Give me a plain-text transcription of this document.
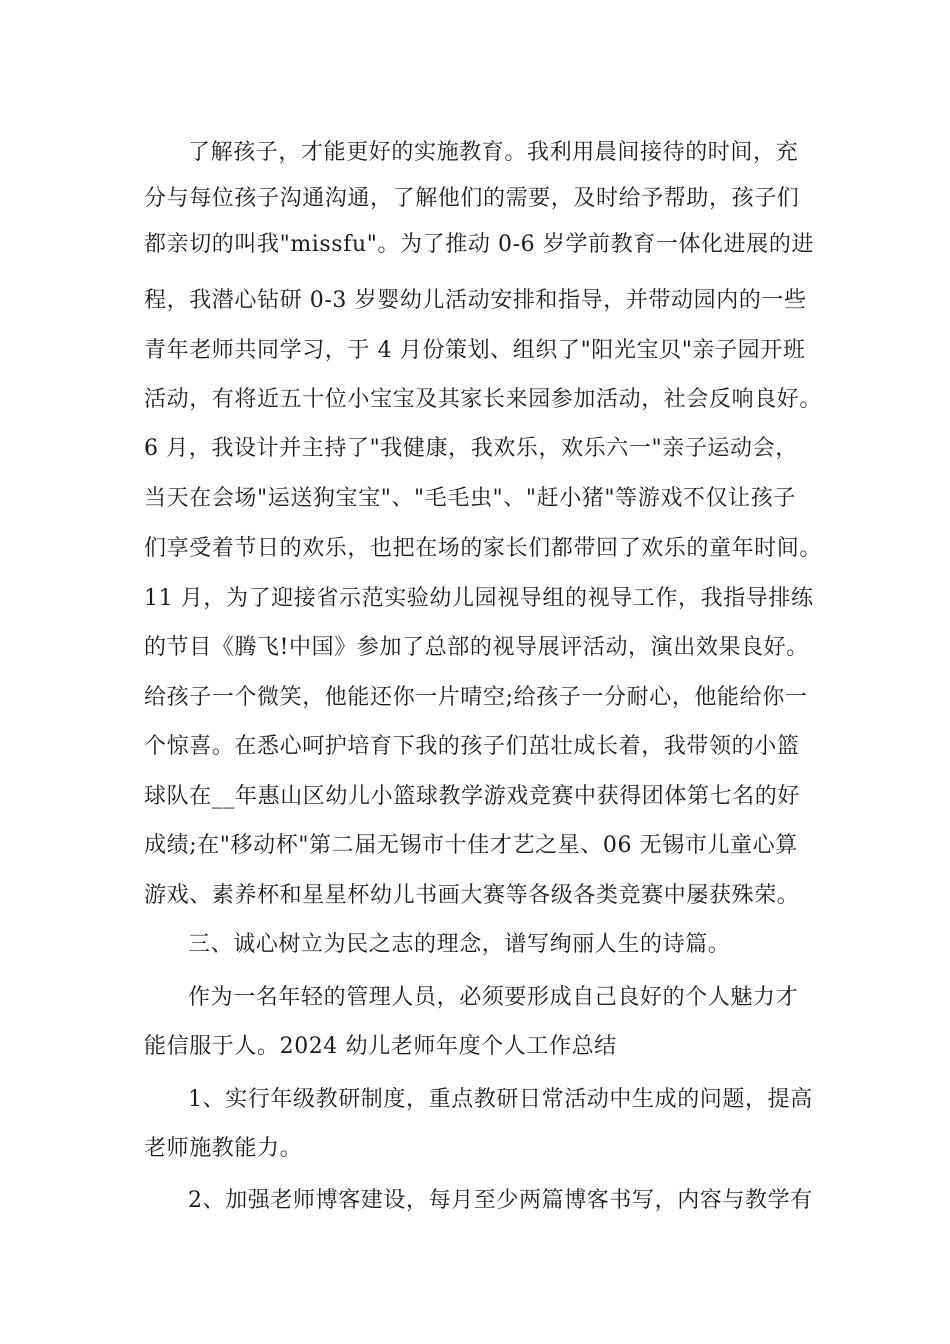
了解孩子，才能更好的实施教育。我利用晨间接待的时间，充
分与每位孩子沟通沟通，了解他们的需要，及时给予帮助，孩子们
都亲切的叫我"missfu"。为了推动 0-6 岁学前教育一体化进展的进
程，我潜心钻研 0-3 岁婴幼儿活动安排和指导，并带动园内的一些
青年老师共同学习，于 4 月份策划、组织了"阳光宝贝"亲子园开班
活动，有将近五十位小宝宝及其家长来园参加活动，社会反响良好。
6 月，我设计并主持了"我健康，我欢乐，欢乐六一"亲子运动会，
当天在会场"运送狗宝宝"、"毛毛虫"、"赶小猪"等游戏不仅让孩子
们享受着节日的欢乐，也把在场的家长们都带回了欢乐的童年时间。
11 月，为了迎接省示范实验幼儿园视导组的视导工作，我指导排练
的节目《腾飞!中国》参加了总部的视导展评活动，演出效果良好。
给孩子一个微笑，他能还你一片晴空;给孩子一分耐心，他能给你一
个惊喜。在悉心呵护培育下我的孩子们茁壮成长着，我带领的小篮
球队在__年惠山区幼儿小篮球教学游戏竞赛中获得团体第七名的好
成绩;在"移动杯"第二届无锡市十佳才艺之星、06 无锡市儿童心算
游戏、素养杯和星星杯幼儿书画大赛等各级各类竞赛中屡获殊荣。
三、诚心树立为民之志的理念，谱写绚丽人生的诗篇。
作为一名年轻的管理人员，必须要形成自己良好的个人魅力才
能信服于人。2024 幼儿老师年度个人工作总结
1、实行年级教研制度，重点教研日常活动中生成的问题，提高
老师施教能力。
2、加强老师博客建设，每月至少两篇博客书写，内容与教学有
